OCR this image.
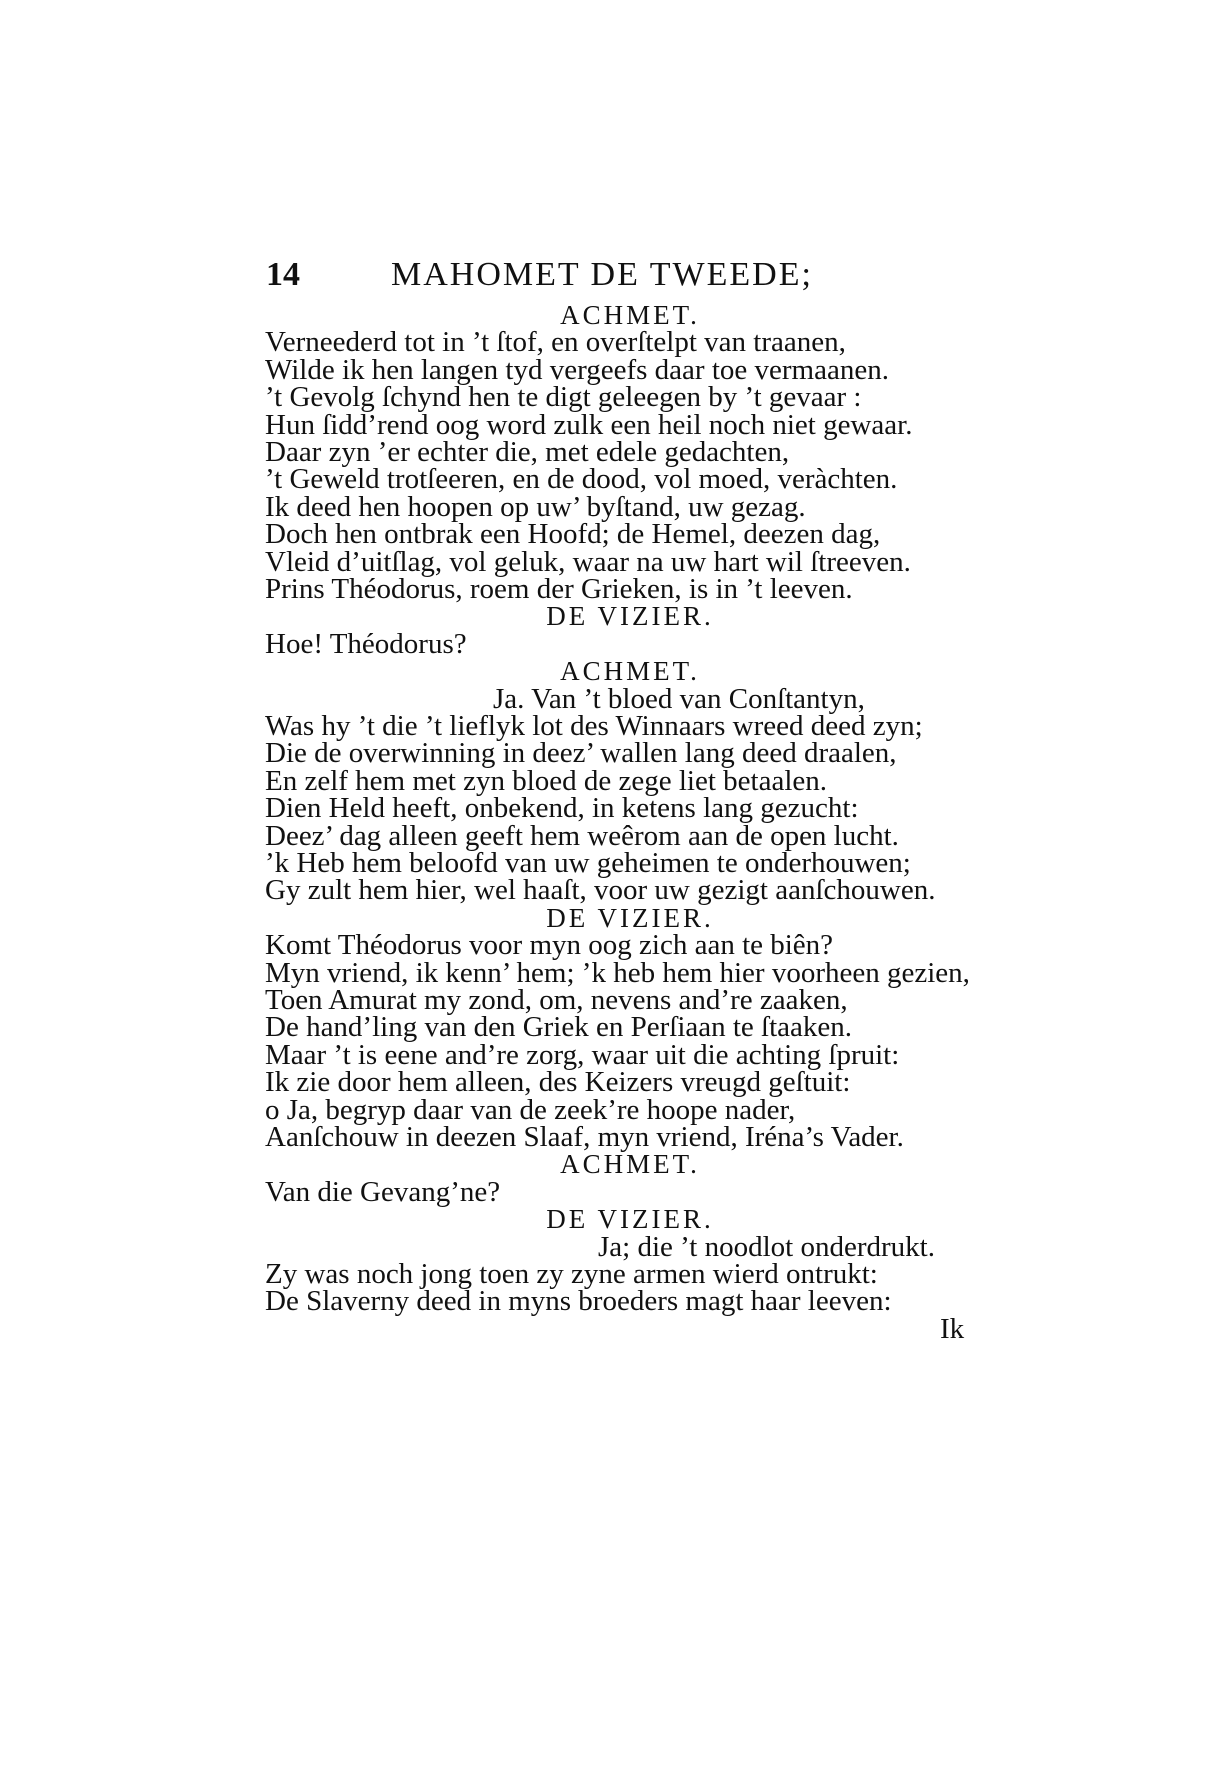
14	MAHOMET DE TWEEDE;
ACHMET.
Verneederd tot in ’t ſtof, en overſtelpt van traanen,
Wilde ik hen langen tyd vergeefs daar toe vermaanen.
’t Gevolg ſchynd hen te digt geleegen by ’t gevaar :
Hun ſidd’rend oog word zulk een heil noch niet gewaar.
Daar zyn ’er echter die, met edele gedachten,
’t Geweld trotſeeren, en de dood, vol moed, veràchten.
Ik deed hen hoopen op uw’ byſtand, uw gezag.
Doch hen ontbrak een Hoofd; de Hemel, deezen dag,
Vleid d’uitſlag, vol geluk, waar na uw hart wil ſtreeven.
Prins Théodorus, roem der Grieken, is in ’t leeven.
DE VIZIER.
Hoe! Théodorus?
ACHMET.
Ja. Van ’t bloed van Conſtantyn,
Was hy ’t die ’t lieflyk lot des Winnaars wreed deed zyn;
Die de overwinning in deez’ wallen lang deed draalen,
En zelf hem met zyn bloed de zege liet betaalen.
Dien Held heeft, onbekend, in ketens lang gezucht:
Deez’ dag alleen geeft hem weêrom aan de open lucht.
’k Heb hem beloofd van uw geheimen te onderhouwen;
Gy zult hem hier, wel haaſt, voor uw gezigt aanſchouwen.
DE VIZIER.
Komt Théodorus voor myn oog zich aan te biên?
Myn vriend, ik kenn’ hem; ’k heb hem hier voorheen gezien,
Toen Amurat my zond, om, nevens and’re zaaken,
De hand’ling van den Griek en Perſiaan te ſtaaken.
Maar ’t is eene and’re zorg, waar uit die achting ſpruit:
Ik zie door hem alleen, des Keizers vreugd geſtuit:
o Ja, begryp daar van de zeek’re hoope nader,
Aanſchouw in deezen Slaaf, myn vriend, Iréna’s Vader.
ACHMET.
Van die Gevang’ne?
DE VIZIER.
Ja; die ’t noodlot onderdrukt.
Zy was noch jong toen zy zyne armen wierd ontrukt:
De Slaverny deed in myns broeders magt haar leeven:
Ik
